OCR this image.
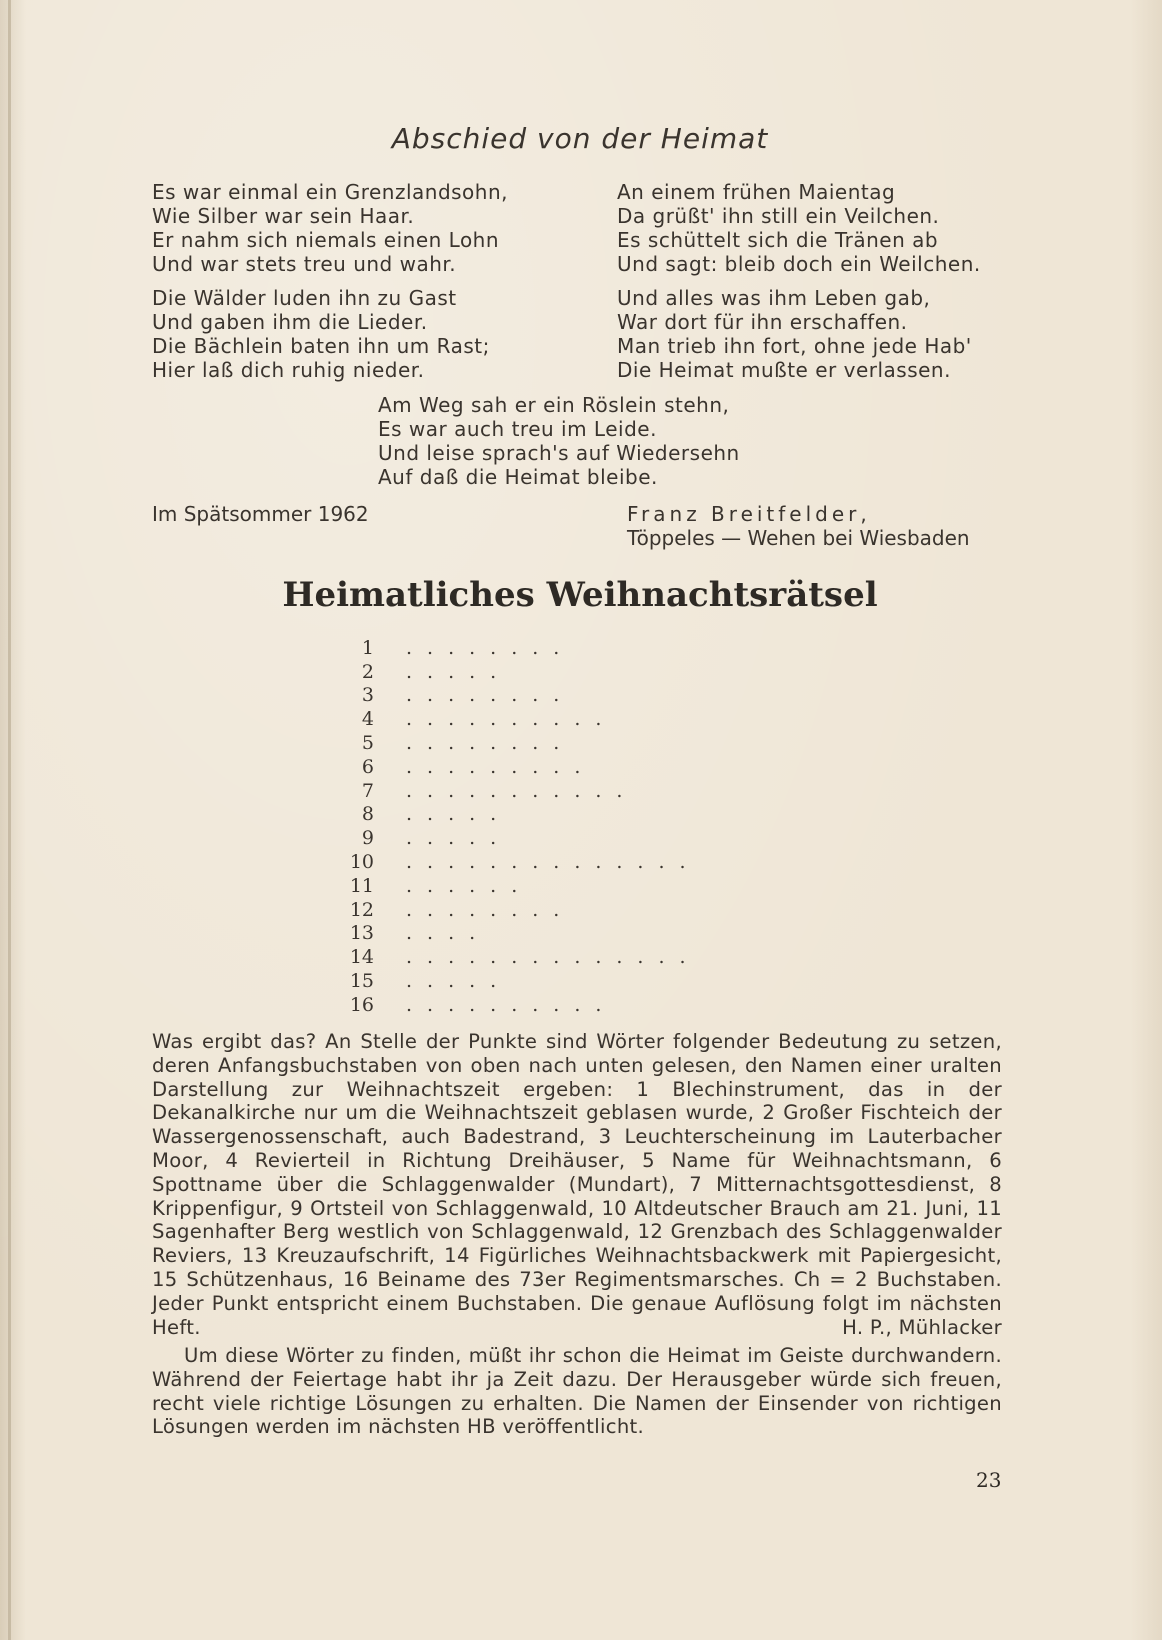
Abschied von der Heimat
Es war einmal ein Grenzlandsohn,
Wie Silber war sein Haar.
Er nahm sich niemals einen Lohn
Und war stets treu und wahr.
Die Wälder luden ihn zu Gast
Und gaben ihm die Lieder.
Die Bächlein baten ihn um Rast;
Hier laß dich ruhig nieder.
An einem frühen Maientag
Da grüßt' ihn still ein Veilchen.
Es schüttelt sich die Tränen ab
Und sagt: bleib doch ein Weilchen.
Und alles was ihm Leben gab,
War dort für ihn erschaffen.
Man trieb ihn fort, ohne jede Hab'
Die Heimat mußte er verlassen.
Am Weg sah er ein Röslein stehn,
Es war auch treu im Leide.
Und leise sprach's auf Wiedersehn
Auf daß die Heimat bleibe.
Im Spätsommer 1962	Franz Breitfelder,
Töppeles — Wehen bei Wiesbaden
Heimatliches Weihnachtsrätsel
1 ........
2 .....
3 ........
4 ..........
5 ........
6 .........
7 ...........
8 .....
9 .....
10 ..............
11 ......
12 ........
13 ....
14 ..............
15 .....
16 ..........
Was ergibt das? An Stelle der Punkte sind Wörter folgender Bedeutung zu setzen, deren Anfangsbuchstaben von oben nach unten gelesen, den Namen einer uralten Darstellung zur Weihnachtszeit ergeben: 1 Blechinstrument, das in der Dekanalkirche nur um die Weihnachtszeit geblasen wurde, 2 Großer Fischteich der Wassergenossenschaft, auch Badestrand, 3 Leuchterscheinung im Lauterbacher Moor, 4 Revierteil in Richtung Dreihäuser, 5 Name für Weihnachtsmann, 6 Spottname über die Schlaggenwalder (Mundart), 7 Mitternachtsgottesdienst, 8 Krippenfigur, 9 Ortsteil von Schlaggenwald, 10 Altdeutscher Brauch am 21. Juni, 11 Sagenhafter Berg westlich von Schlaggenwald, 12 Grenzbach des Schlaggenwalder Reviers, 13 Kreuzaufschrift, 14 Figürliches Weihnachtsbackwerk mit Papiergesicht, 15 Schützenhaus, 16 Beiname des 73er Regimentsmarsches. Ch = 2 Buchstaben. Jeder Punkt entspricht einem Buchstaben. Die genaue Auflösung folgt im nächsten Heft.	H. P., Mühlacker
Um diese Wörter zu finden, müßt ihr schon die Heimat im Geiste durchwandern. Während der Feiertage habt ihr ja Zeit dazu. Der Herausgeber würde sich freuen, recht viele richtige Lösungen zu erhalten. Die Namen der Einsender von richtigen Lösungen werden im nächsten HB veröffentlicht.
23
